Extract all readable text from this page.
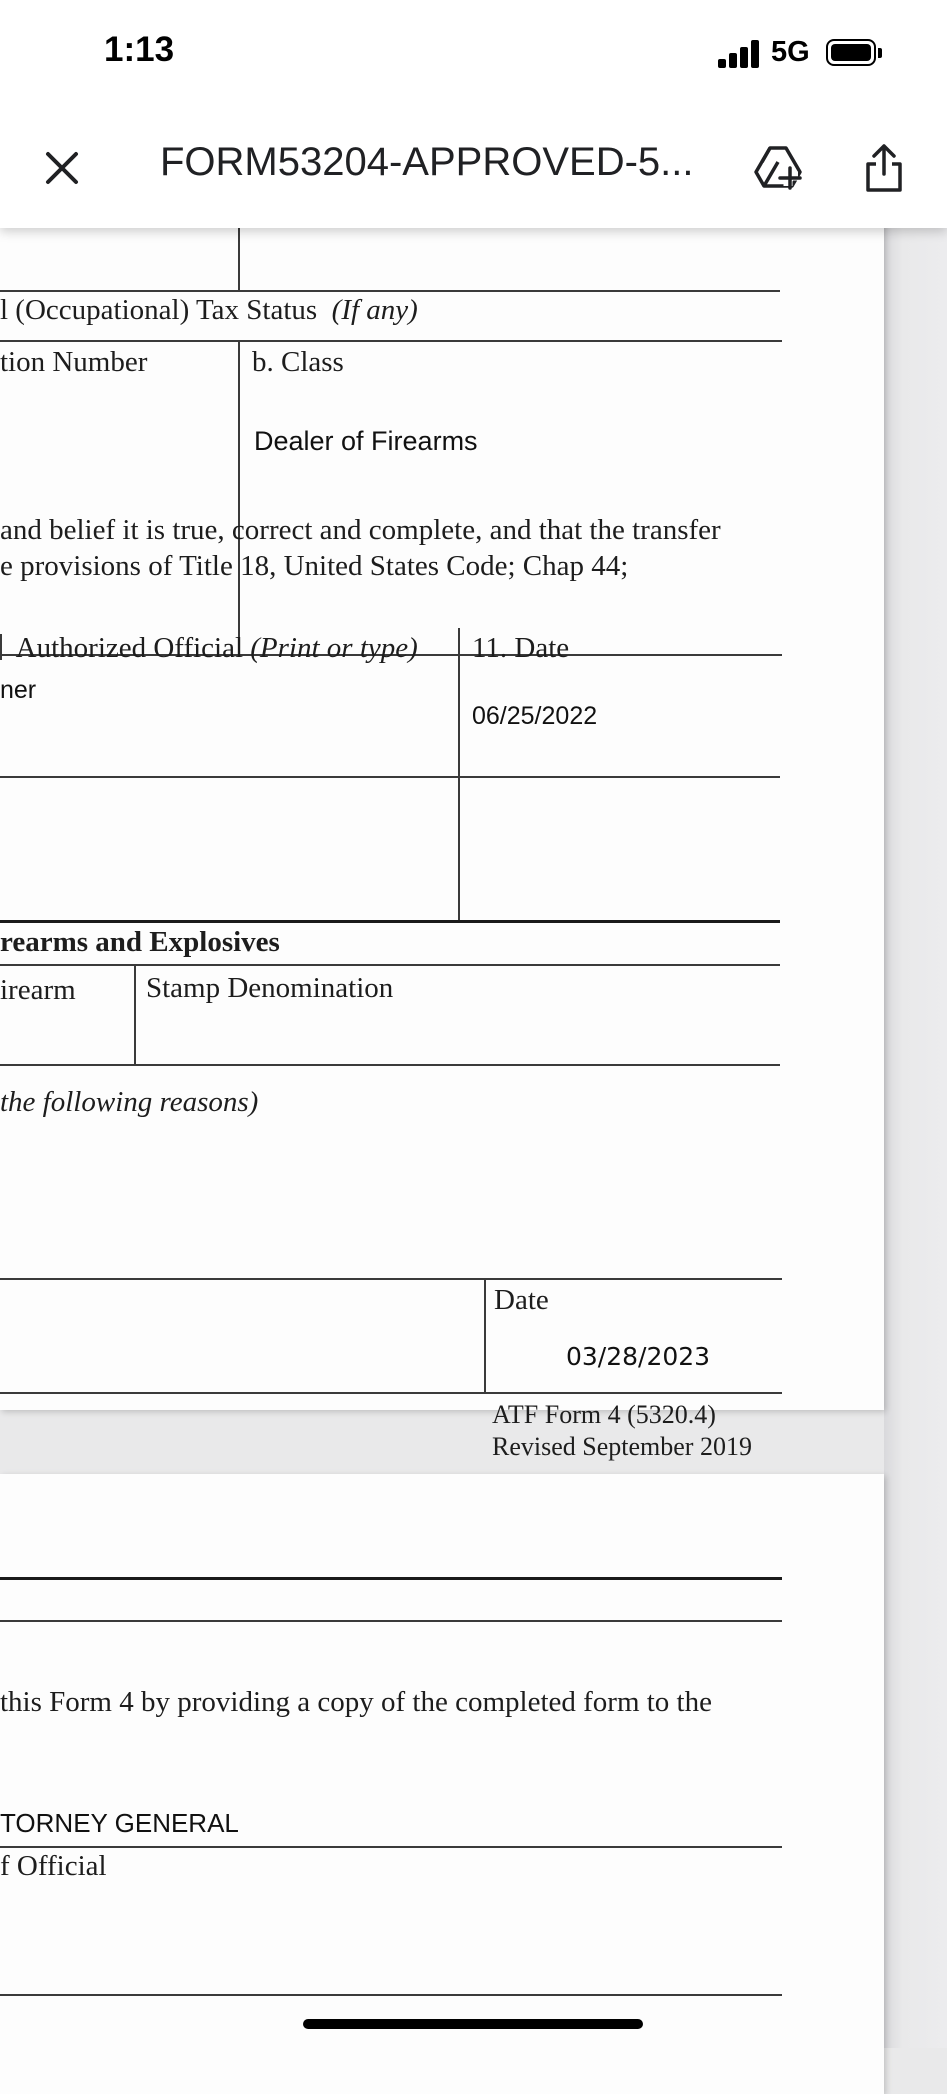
1:13	5G
FORM53204-APPROVED-5...
l (Occupational) Tax Status (If any)
tion Number	b. Class
Dealer of Firearms
and belief it is true, correct and complete, and that the transfer
e provisions of Title 18, United States Code; Chap 44;
Authorized Official (Print or type)
ner
11. Date
06/25/2022
rearms and Explosives
irearm Stamp Denomination
the following reasons)
Date
03/28/2023
ATF Form 4 (5320.4)
Revised September 2019
this Form 4 by providing a copy of the completed form to the
TORNEY GENERAL
f Official
